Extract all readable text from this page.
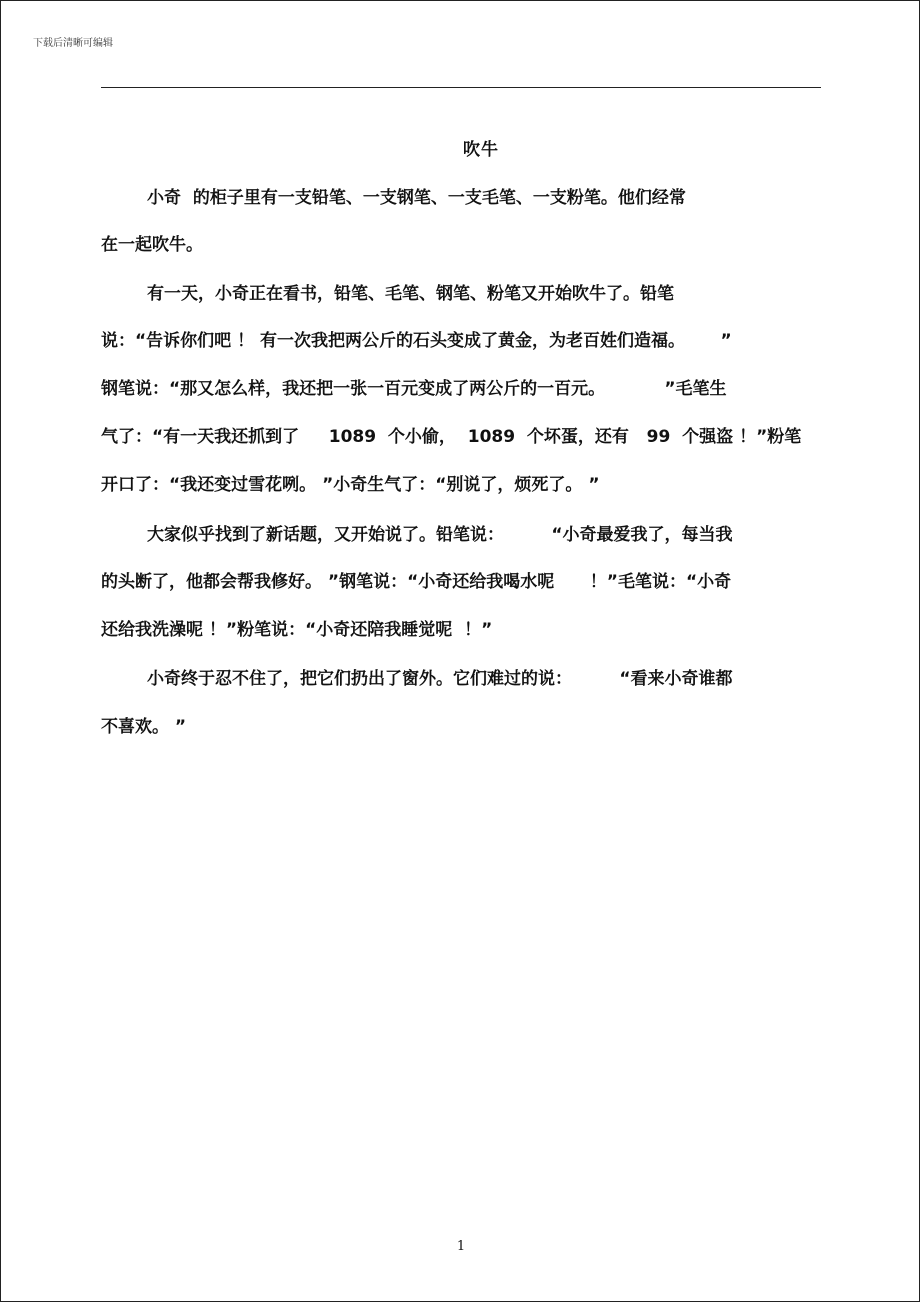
下载后清晰可编辑
吹牛
小奇  的柜子里有一支铅笔、一支钢笔、一支毛笔、一支粉笔。他们经常
在一起吹牛。
有一天，小奇正在看书，铅笔、毛笔、钢笔、粉笔又开始吹牛了。铅笔
说：“告诉你们吧 ！ 有一次我把两公斤的石头变成了黄金，为老百姓们造福。      ”
钢笔说：“那又怎么样，我还把一张一百元变成了两公斤的一百元。          ”毛笔生
气了：“有一天我还抓到了     1089  个小偷，  1089  个坏蛋，还有   99  个强盗 ！”粉笔
开口了：“我还变过雪花咧。 ”小奇生气了：“别说了，烦死了。 ”
大家似乎找到了新话题，又开始说了。铅笔说：        “小奇最爱我了，每当我
的头断了，他都会帮我修好。 ”钢笔说：“小奇还给我喝水呢      ！”毛笔说：“小奇
还给我洗澡呢 ！”粉笔说：“小奇还陪我睡觉呢  ！”
小奇终于忍不住了，把它们扔出了窗外。它们难过的说：        “看来小奇谁都
不喜欢。 ”
1
